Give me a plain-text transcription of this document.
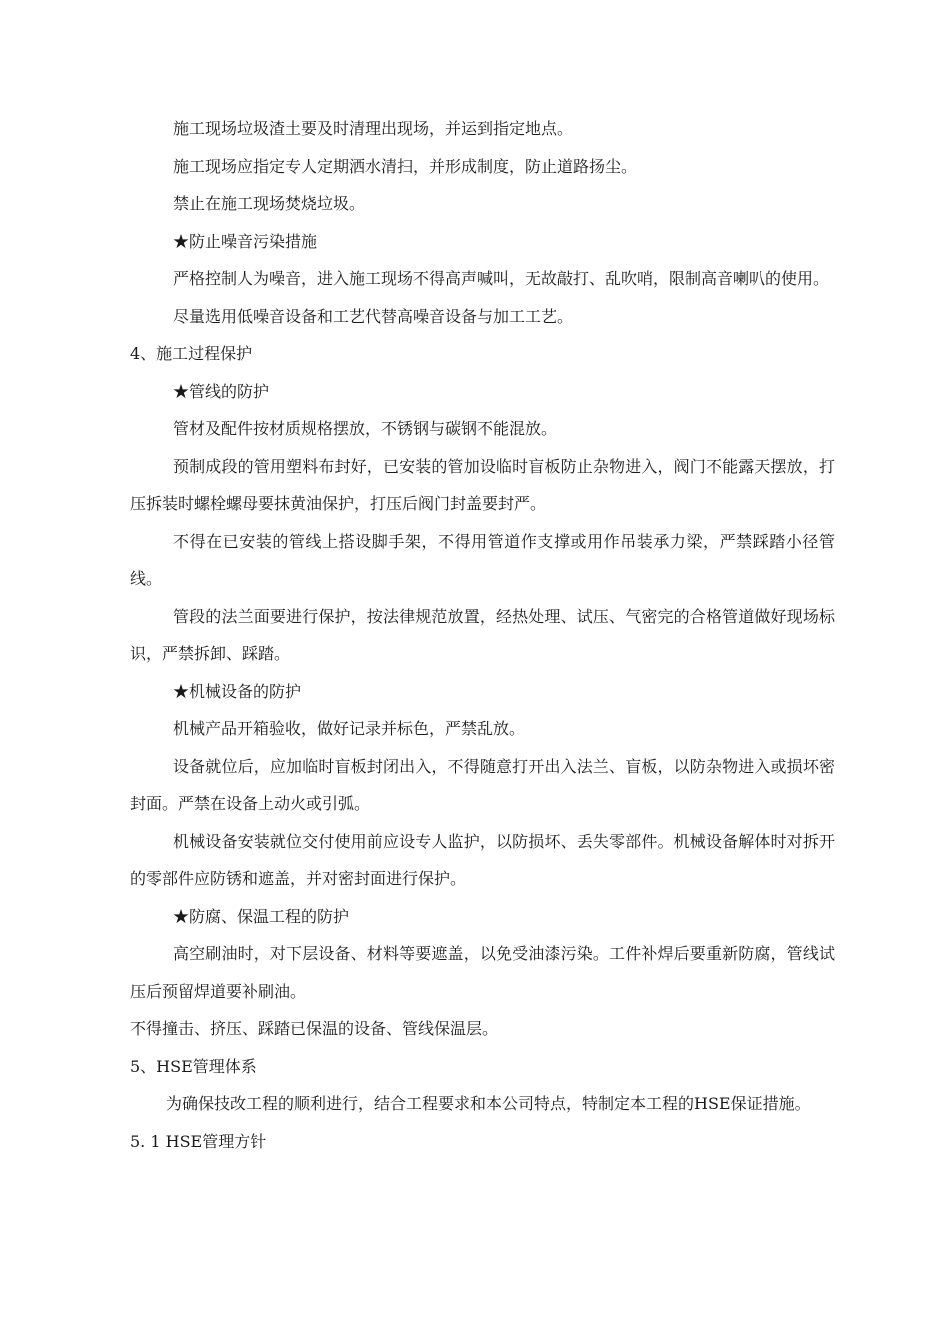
施工现场垃圾渣土要及时清理出现场，并运到指定地点。

施工现场应指定专人定期洒水清扫，并形成制度，防止道路扬尘。

禁止在施工现场焚烧垃圾。

★防止噪音污染措施

严格控制人为噪音，进入施工现场不得高声喊叫，无故敲打、乱吹哨，限制高音喇叭的使用。

尽量选用低噪音设备和工艺代替高噪音设备与加工工艺。

4、施工过程保护

★管线的防护

管材及配件按材质规格摆放，不锈钢与碳钢不能混放。

预制成段的管用塑料布封好，已安装的管加设临时盲板防止杂物进入，阀门不能露天摆放，打压拆装时螺栓螺母要抹黄油保护，打压后阀门封盖要封严。

不得在已安装的管线上搭设脚手架，不得用管道作支撑或用作吊装承力梁，严禁踩踏小径管线。

管段的法兰面要进行保护，按法律规范放置，经热处理、试压、气密完的合格管道做好现场标识，严禁拆卸、踩踏。

★机械设备的防护

机械产品开箱验收，做好记录并标色，严禁乱放。

设备就位后，应加临时盲板封闭出入，不得随意打开出入法兰、盲板，以防杂物进入或损坏密封面。严禁在设备上动火或引弧。

机械设备安装就位交付使用前应设专人监护，以防损坏、丢失零部件。机械设备解体时对拆开的零部件应防锈和遮盖，并对密封面进行保护。

★防腐、保温工程的防护

高空刷油时，对下层设备、材料等要遮盖，以免受油漆污染。工件补焊后要重新防腐，管线试压后预留焊道要补刷油。

不得撞击、挤压、踩踏已保温的设备、管线保温层。

5、HSE管理体系

为确保技改工程的顺利进行，结合工程要求和本公司特点，特制定本工程的HSE保证措施。

5. 1 HSE管理方针
